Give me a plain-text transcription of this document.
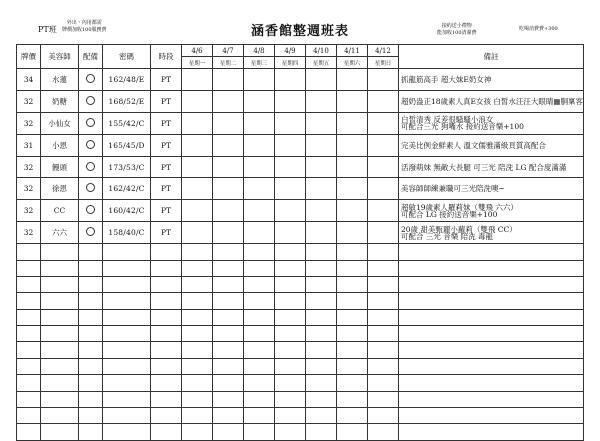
PT班
外出・內用都需
牌價加收100服務費	涵香館整週班表	接約送小禮物
能加收100清潔費
吃喝消費費+300
牌價	美容師	配備	密碼	時段	4/6	4/7	4/8	4/9	4/10	4/11	4/12	備註
					星期一	星期二	星期三	星期四	星期五	星期六	星期日	
34	水蓮		162/48/E	PT								抓龍筋高手 超大妹E奶女神

32	奶糖		168/52/E	PT								超奶盎正18歲素人真E女孩 白皙水汪汪大眼睛▦胴稟客

32	小仙女		155/42/C	PT								白皙清秀 反差很騷騷小浪女
可配合三光 狗嘴水 接約送音樂+100

31	小恩		165/45/D	PT								完美比例金鮮素人 溫文儒雅滿級頁質高配合

32	饅頭		173/53/C	PT								活潑萌妹 無敵大長腿 可三光 陪洗 LG 配合度滿滿

32	徐恩		162/42/C	PT								美容師師練兼職可三光陪洗噢~

32	CC		160/42/C	PT								超敏19歲素人羅莉妹（雙飛 六六）
可配合 LG 接約送音樂+100

32	六六		158/40/C	PT								20歲 甜美甄麗小蘿莉（雙飛 CC）
可配合 三光 音樂 陪洗 毒龍
